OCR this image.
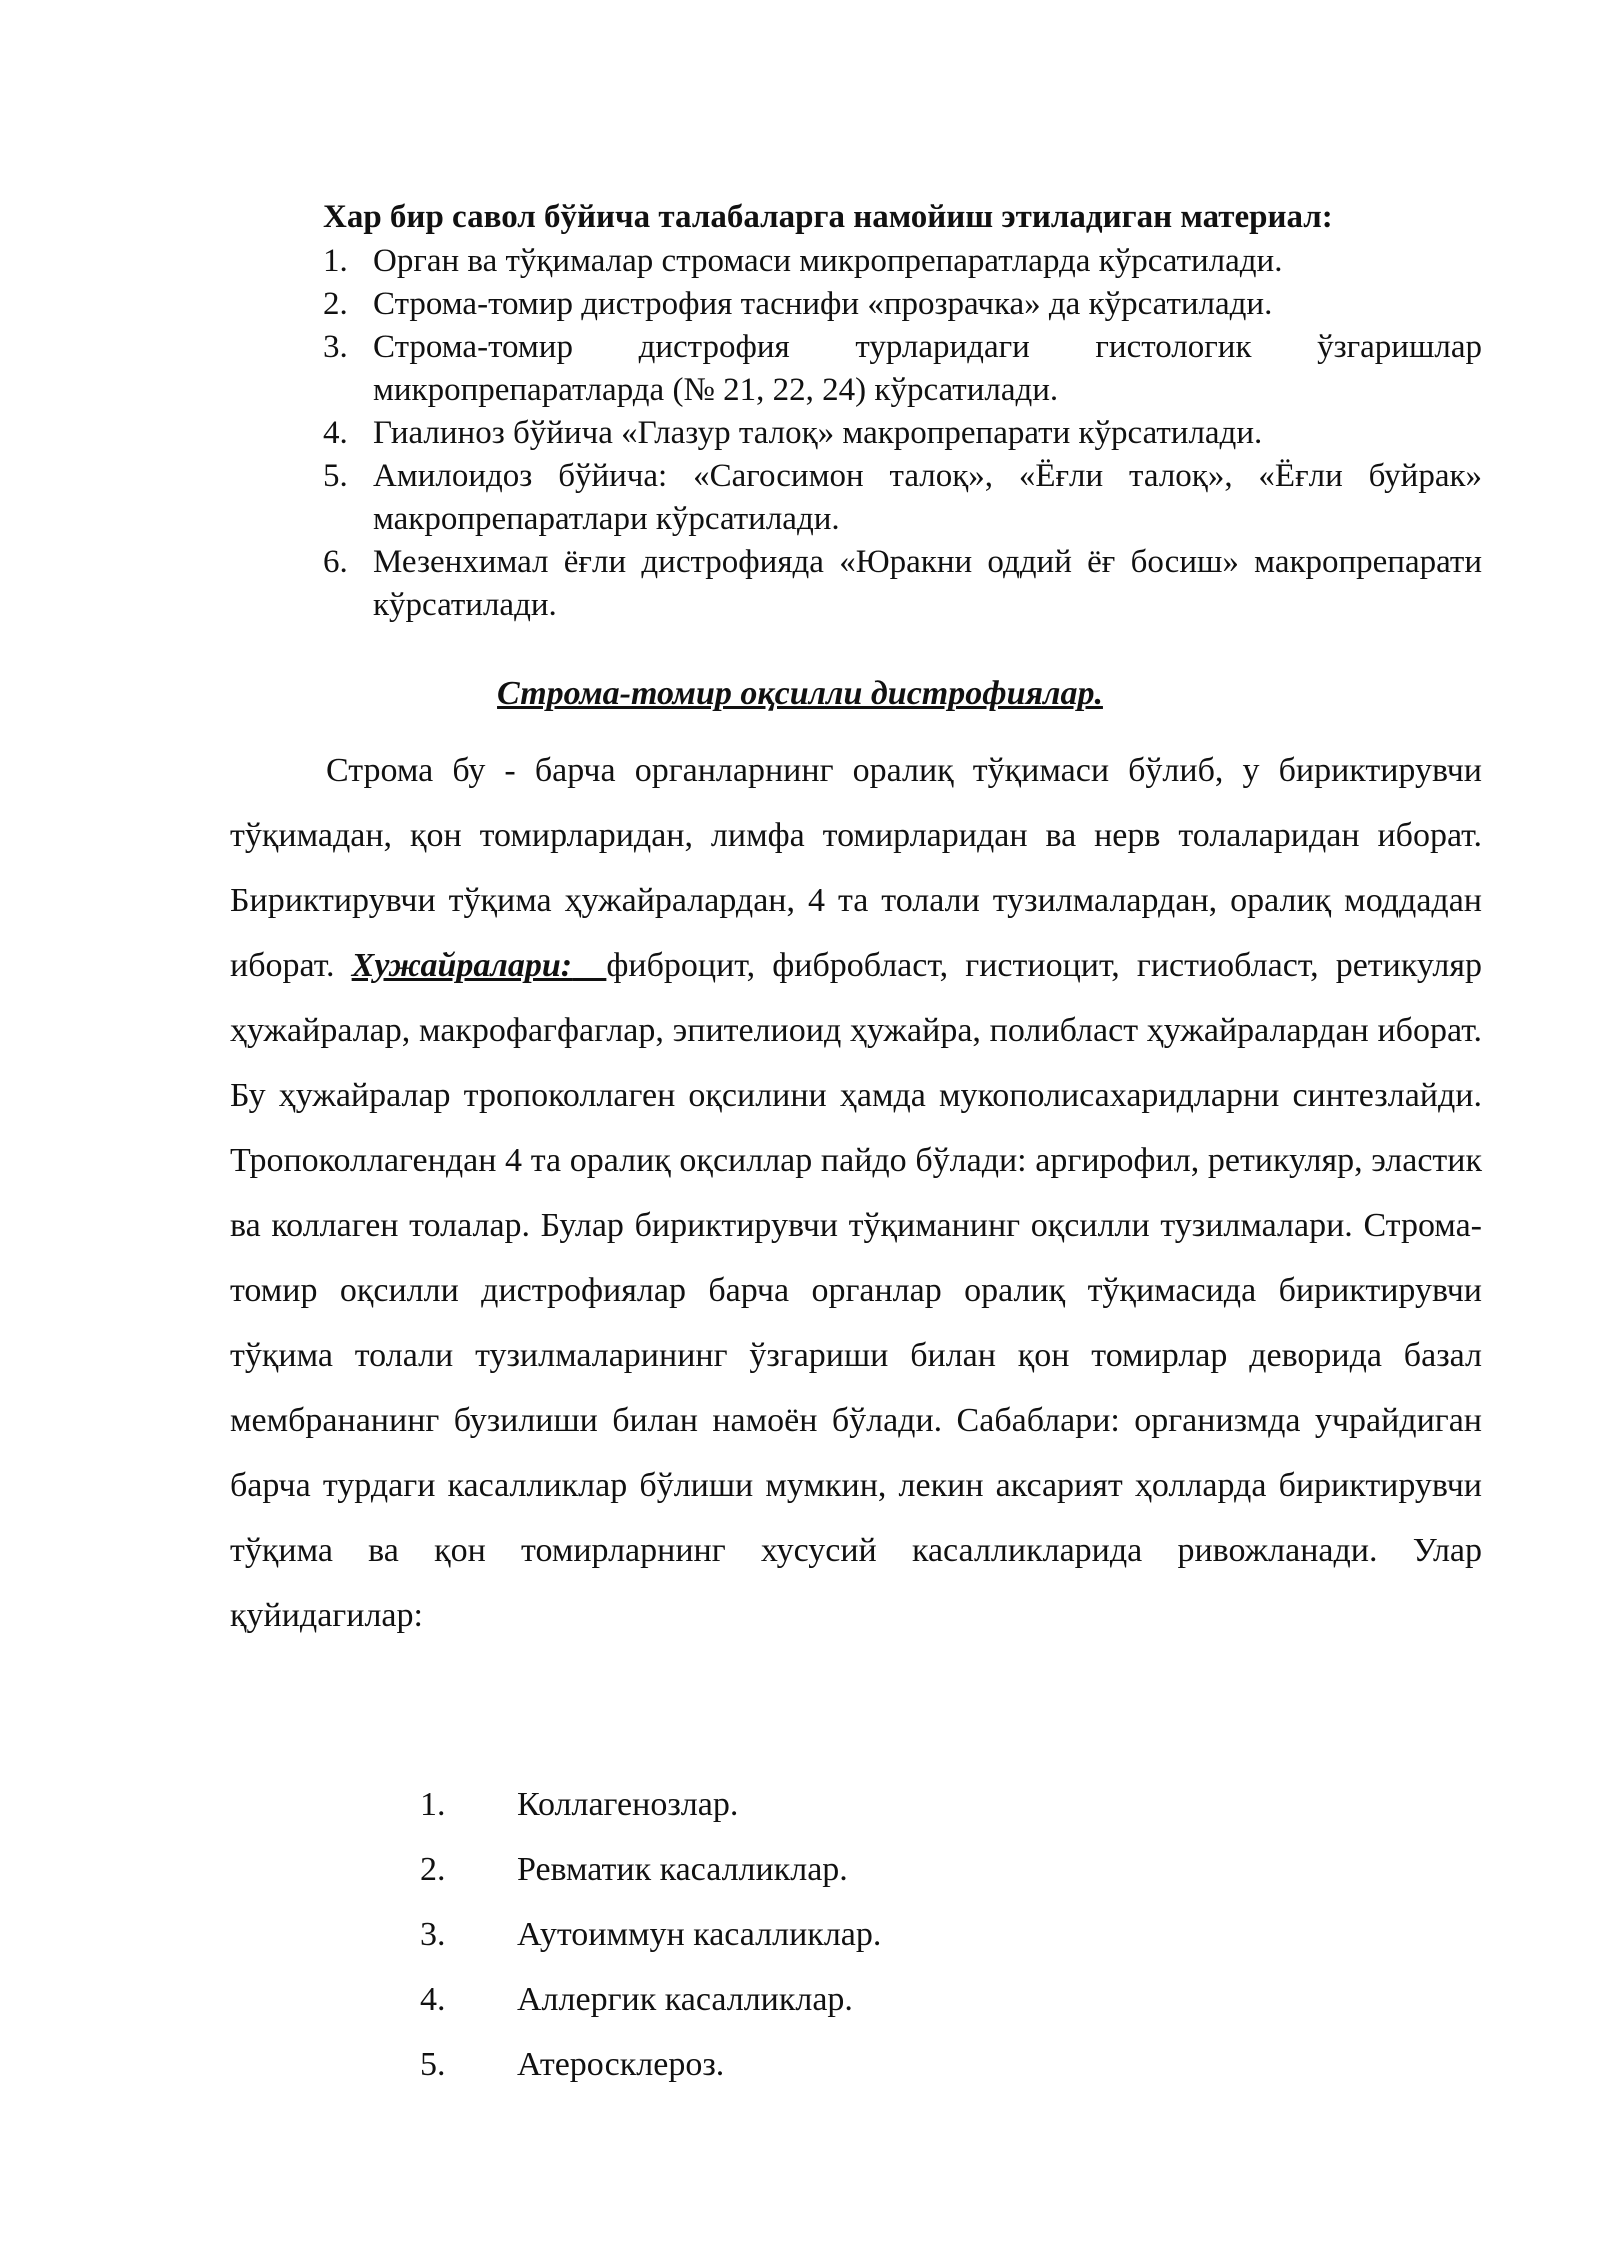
Хар бир савол бўйича талабаларга намойиш этиладиган материал:
1. Орган ва тўқималар стромаси микропрепаратларда кўрсатилади.
2. Строма-томир дистрофия таснифи «прозрачка» да кўрсатилади.
3. Строма-томир дистрофия турларидаги гистологик ўзгаришлар микропрепаратларда (№ 21, 22, 24) кўрсатилади.
4. Гиалиноз бўйича «Глазур талоқ» макропрепарати кўрсатилади.
5. Амилоидоз бўйича: «Сагосимон талоқ», «Ёғли талоқ», «Ёғли буйрак» макропрепаратлари кўрсатилади.
6. Мезенхимал ёғли дистрофияда «Юракни оддий ёғ босиш» макропрепарати кўрсатилади.
Строма-томир оқсилли дистрофиялар.

Строма бу - барча органларнинг оралиқ тўқимаси бўлиб, у бириктирувчи тўқимадан, қон томирларидан, лимфа томирларидан ва нерв толаларидан иборат. Бириктирувчи тўқима ҳужайралардан, 4 та толали тузилмалардан, оралиқ моддадан иборат. Хужайралари: фиброцит, фибробласт, гистиоцит, гистиобласт, ретикуляр ҳужайралар, макрофагфаглар, эпителиоид ҳужайра, полибласт ҳужайралардан иборат. Бу ҳужайралар тропоколлаген оқсилини ҳамда мукополисахаридларни синтезлайди. Тропоколлагендан 4 та оралиқ оқсиллар пайдо бўлади: аргирофил, ретикуляр, эластик ва коллаген толалар. Булар бириктирувчи тўқиманинг оқсилли тузилмалари. Строма-томир оқсилли дистрофиялар барча органлар оралиқ тўқимасида бириктирувчи тўқима толали тузилмаларининг ўзгариши билан қон томирлар деворида базал мембрананинг бузилиши билан намоён бўлади. Сабаблари: организмда учрайдиган барча турдаги касалликлар бўлиши мумкин, лекин аксарият ҳолларда бириктирувчи тўқима ва қон томирларнинг хусусий касалликларида ривожланади. Улар қуйидагилар:

1. Коллагенозлар.
2. Ревматик касалликлар.
3. Аутоиммун касалликлар.
4. Аллергик касалликлар.
5. Атеросклероз.
